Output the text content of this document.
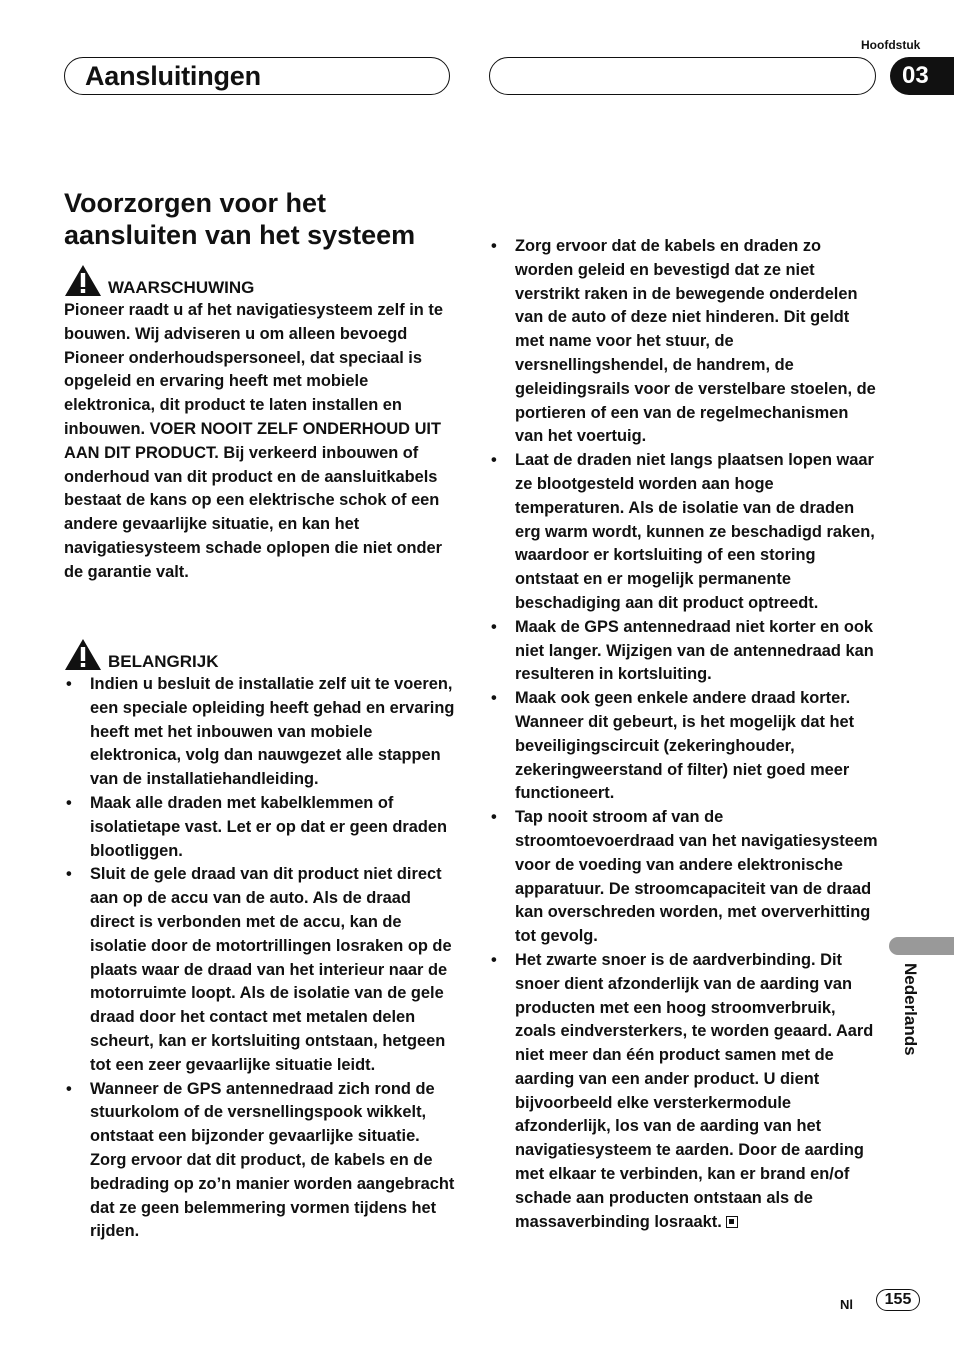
Aansluitingen
Hoofdstuk
03
Voorzorgen voor het aansluiten van het systeem
WAARSCHUWING

Pioneer raadt u af het navigatiesysteem zelf in te bouwen. Wij adviseren u om alleen bevoegd Pioneer onderhoudspersoneel, dat speciaal is opgeleid en ervaring heeft met mobiele elektronica, dit product te laten installen en inbouwen. VOER NOOIT ZELF ONDERHOUD UIT AAN DIT PRODUCT. Bij verkeerd inbouwen of onderhoud van dit product en de aansluitkabels bestaat de kans op een elektrische schok of een andere gevaarlijke situatie, en kan het navigatiesysteem schade oplopen die niet onder de garantie valt.

BELANGRIJK
• Indien u besluit de installatie zelf uit te voeren, een speciale opleiding heeft gehad en ervaring heeft met het inbouwen van mobiele elektronica, volg dan nauwgezet alle stappen van de installatiehandleiding.
• Maak alle draden met kabelklemmen of isolatietape vast. Let er op dat er geen draden blootliggen.
• Sluit de gele draad van dit product niet direct aan op de accu van de auto. Als de draad direct is verbonden met de accu, kan de isolatie door de motortrillingen losraken op de plaats waar de draad van het interieur naar de motorruimte loopt. Als de isolatie van de gele draad door het contact met metalen delen scheurt, kan er kortsluiting ontstaan, hetgeen tot een zeer gevaarlijke situatie leidt.
• Wanneer de GPS antennedraad zich rond de stuurkolom of de versnellingspook wikkelt, ontstaat een bijzonder gevaarlijke situatie. Zorg ervoor dat dit product, de kabels en de bedrading op zo’n manier worden aangebracht dat ze geen belemmering vormen tijdens het rijden.
• Zorg ervoor dat de kabels en draden zo worden geleid en bevestigd dat ze niet verstrikt raken in de bewegende onderdelen van de auto of deze niet hinderen. Dit geldt met name voor het stuur, de versnellingshendel, de handrem, de geleidingsrails voor de verstelbare stoelen, de portieren of een van de regelmechanismen van het voertuig.
• Laat de draden niet langs plaatsen lopen waar ze blootgesteld worden aan hoge temperaturen. Als de isolatie van de draden erg warm wordt, kunnen ze beschadigd raken, waardoor er kortsluiting of een storing ontstaat en er mogelijk permanente beschadiging aan dit product optreedt.
• Maak de GPS antennedraad niet korter en ook niet langer. Wijzigen van de antennedraad kan resulteren in kortsluiting.
• Maak ook geen enkele andere draad korter. Wanneer dit gebeurt, is het mogelijk dat het beveiligingscircuit (zekeringhouder, zekeringweerstand of filter) niet goed meer functioneert.
• Tap nooit stroom af van de stroomtoevoerdraad van het navigatiesysteem voor de voeding van andere elektronische apparatuur. De stroomcapaciteit van de draad kan overschreden worden, met oververhitting tot gevolg.
• Het zwarte snoer is de aardverbinding. Dit snoer dient afzonderlijk van de aarding van producten met een hoog stroomverbruik, zoals eindversterkers, te worden geaard. Aard niet meer dan één product samen met de aarding van een ander product. U dient bijvoorbeeld elke versterkermodule afzonderlijk, los van de aarding van het navigatiesysteem te aarden. Door de aarding met elkaar te verbinden, kan er brand en/of schade aan producten ontstaan als de massaverbinding losraakt.
Nederlands
Nl	155
